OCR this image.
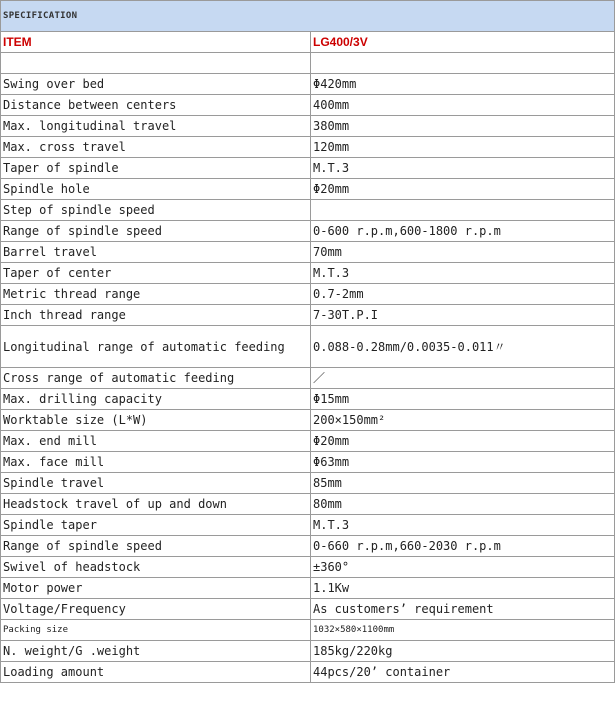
SPECIFICATION	
ITEM	LG400/3V

Swing over bed	Φ420mm
Distance between centers	400mm
Max. longitudinal travel	380mm
Max. cross travel	120mm
Taper of spindle	M.T.3
Spindle hole	Φ20mm
Step of spindle speed	
Range of spindle speed	0-600 r.p.m,600-1800 r.p.m
Barrel travel	70mm
Taper of center	M.T.3
Metric thread range	0.7-2mm
Inch thread range	7-30T.P.I
Longitudinal range of automatic feeding	0.088-0.28mm/0.0035-0.011〃
Cross range of automatic feeding	／
Max. drilling capacity	Φ15mm
Worktable size (L*W)	200×150mm²
Max. end mill	Φ20mm
Max. face mill	Φ63mm
Spindle travel	85mm
Headstock travel of up and down	80mm
Spindle taper	M.T.3
Range of spindle speed	0-660 r.p.m,660-2030 r.p.m
Swivel of headstock	±360°
Motor power	1.1Kw
Voltage/Frequency	As customers’ requirement
Packing size	1032×580×1100mm
N. weight/G .weight	185kg/220kg
Loading amount	44pcs/20’ container
